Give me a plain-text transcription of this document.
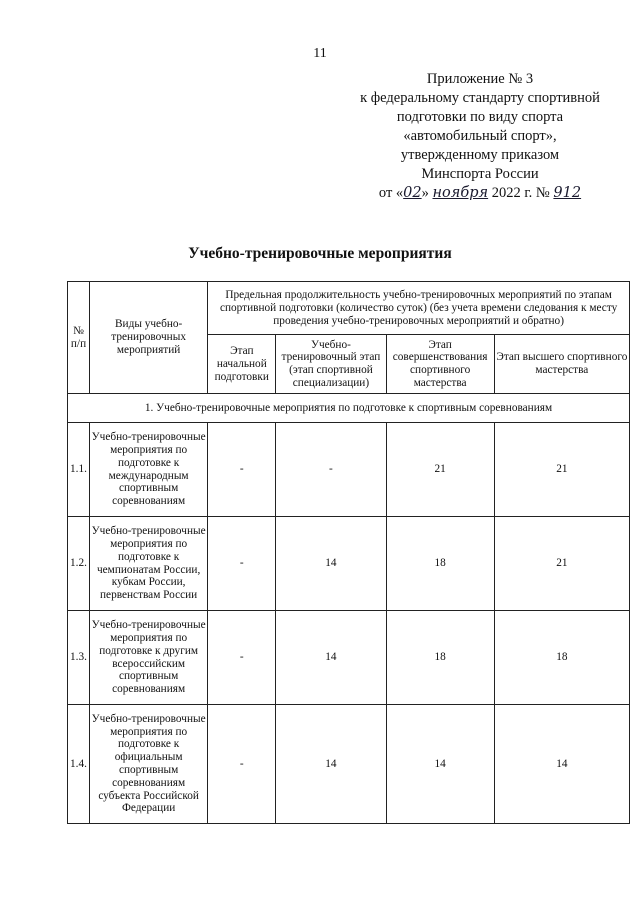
11
Приложение № 3
к федеральному стандарту спортивной
подготовки по виду спорта
«автомобильный спорт»,
утвержденному приказом
Минспорта России
от «02» ноября 2022 г. № 912
Учебно-тренировочные мероприятия
№ п/п	Виды учебно-тренировочных мероприятий	Предельная продолжительность учебно-тренировочных мероприятий по этапам спортивной подготовки (количество суток) (без учета времени следования к месту проведения учебно-тренировочных мероприятий и обратно)			
		Этап начальной подготовки	Учебно-тренировочный этап (этап спортивной специализации)	Этап совершенствования спортивного мастерства	Этап высшего спортивного мастерства
1. Учебно-тренировочные мероприятия по подготовке к спортивным соревнованиям					
1.1.	Учебно-тренировочные мероприятия по подготовке к международным спортивным соревнованиям	-	-	21	21
1.2.	Учебно-тренировочные мероприятия по подготовке к чемпионатам России, кубкам России, первенствам России	-	14	18	21
1.3.	Учебно-тренировочные мероприятия по подготовке к другим всероссийским спортивным соревнованиям	-	14	18	18
1.4.	Учебно-тренировочные мероприятия по подготовке к официальным спортивным соревнованиям субъекта Российской Федерации	-	14	14	14
